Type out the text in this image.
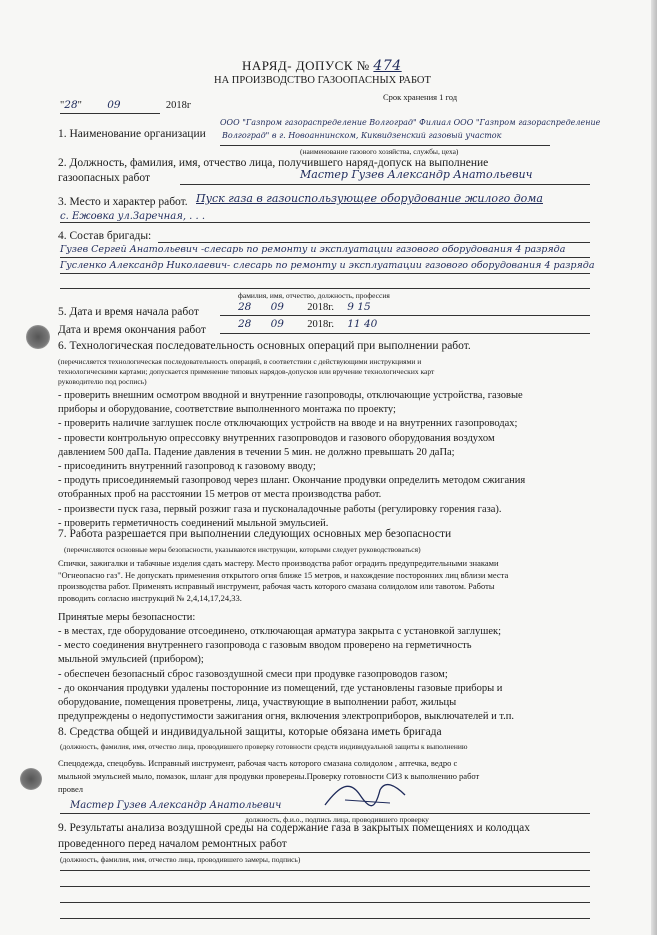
НАРЯД- ДОПУСК № 474
НА ПРОИЗВОДСТВО ГАЗООПАСНЫХ РАБОТ
Срок хранения 1 год
"28" 09	2018г
1. Наименование организации
ООО "Газпром газораспределение Волгоград" Филиал ООО "Газпром газораспределение
Волгоград" в г. Новоаннинском, Киквидзенский газовый участок
(наименование газового хозяйства, службы, цеха)
2. Должность, фамилия, имя, отчество лица, получившего наряд-допуск на выполнение
газоопасных работ	Мастер Гузев Александр Анатольевич
3. Место и характер работ. Пуск газа в газоиспользующее оборудование жилого дома
с. Ежовка ул.Заречная, . . .
4. Состав бригады:
Гузев Сергей Анатольевич -слесарь по ремонту и эксплуатации газового оборудования 4 разряда
Гусленко Александр Николаевич- слесарь по ремонту и эксплуатации газового оборудования 4 разряда
фамилия, имя, отчество, должность, профессия
5. Дата и время начала работ	28 09 2018г. 9 15
Дата и время окончания работ	28 09 2018г. 11 40
6. Технологическая последовательность основных операций при выполнении работ.
(перечисляется технологическая последовательность операций, в соответствии с действующими инструкциями и
технологическими картами; допускается применение типовых нарядов-допусков или вручение технологических карт
руководителю под роспись)
- проверить внешним осмотром вводной и внутренние газопроводы, отключающие устройства, газовые
приборы и оборудование, соответствие выполненного монтажа по проекту;
- проверить наличие заглушек после отключающих устройств на вводе и на внутренних газопроводах;
- провести контрольную опрессовку внутренних газопроводов и газового оборудования воздухом
давлением 500 даПа. Падение давления в течении 5 мин. не должно превышать 20 даПа;
- присоединить внутренний газопровод к газовому вводу;
- продуть присоединяемый газопровод через шланг. Окончание продувки определить методом сжигания
отобранных проб на расстоянии 15 метров от места производства работ.
- произвести пуск газа, первый розжиг газа и пусконаладочные работы (регулировку горения газа).
- проверить герметичность соединений мыльной эмульсией.
7. Работа разрешается при выполнении следующих основных мер безопасности
(перечисляются основные меры безопасности, указываются инструкции, которыми следует руководствоваться)
Спички, зажигалки и табачные изделия сдать мастеру. Место производства работ оградить предупредительными знаками
"Огнеопасно газ". Не допускать применения открытого огня ближе 15 метров, и нахождение посторонних лиц вблизи места
производства работ. Применять исправный инструмент, рабочая часть которого смазана солидолом или тавотом. Работы
проводить согласно инструкций № 2,4,14,17,24,33.
Принятые меры безопасности:
- в местах, где оборудование отсоединено, отключающая арматура закрыта с установкой заглушек;
- место соединения внутреннего газопровода с газовым вводом проверено на герметичность
мыльной эмульсией (прибором);
- обеспечен безопасный сброс газовоздушной смеси при продувке газопроводов газом;
- до окончания продувки удалены посторонние из помещений, где установлены газовые приборы и
оборудование, помещения проветрены, лица, участвующие в выполнении работ, жильцы
предупреждены о недопустимости зажигания огня, включения электроприборов, выключателей и т.п.
8. Средства общей и индивидуальной защиты, которые обязана иметь бригада
(должность, фамилия, имя, отчество лица, проводившего проверку готовности средств индивидуальной защиты к выполнению
Спецодежда, спецобувь. Исправный инструмент, рабочая часть которого смазана солидолом , аптечка, ведро с
мыльной эмульсией мыло, помазок, шланг для продувки проверены.Проверку готовности СИЗ к выполнению работ
провел
Мастер Гузев Александр Анатольевич
должность, ф.и.о., подпись лица, проводившего проверку
9. Результаты анализа воздушной среды на содержание газа в закрытых помещениях и колодцах
проведенного перед началом ремонтных работ
(должность, фамилия, имя, отчество лица, проводившего замеры, подпись)
